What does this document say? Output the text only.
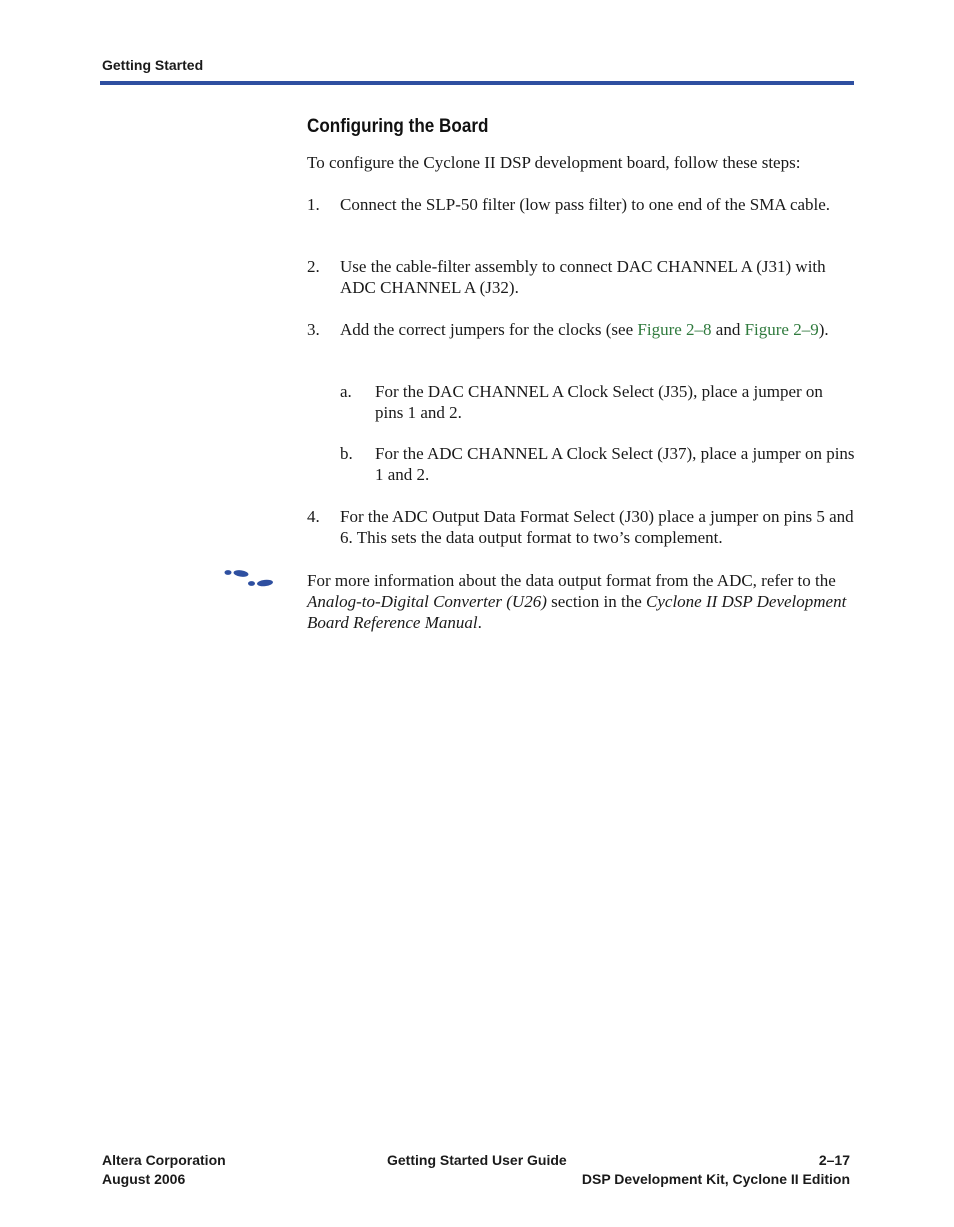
Getting Started
Configuring the Board

To configure the Cyclone II DSP development board, follow these steps:

1. Connect the SLP-50 filter (low pass filter) to one end of the SMA cable.
2. Use the cable-filter assembly to connect DAC CHANNEL A (J31) with ADC CHANNEL A (J32).
3. Add the correct jumpers for the clocks (see Figure 2–8 and Figure 2–9).
a. For the DAC CHANNEL A Clock Select (J35), place a jumper on pins 1 and 2.
b. For the ADC CHANNEL A Clock Select (J37), place a jumper on pins 1 and 2.
4. For the ADC Output Data Format Select (J30) place a jumper on pins 5 and 6. This sets the data output format to two’s complement.
For more information about the data output format from the ADC, refer to the Analog-to-Digital Converter (U26) section in the Cyclone II DSP Development Board Reference Manual.
Altera Corporation
August 2006
Getting Started User Guide	2–17
DSP Development Kit, Cyclone II Edition
